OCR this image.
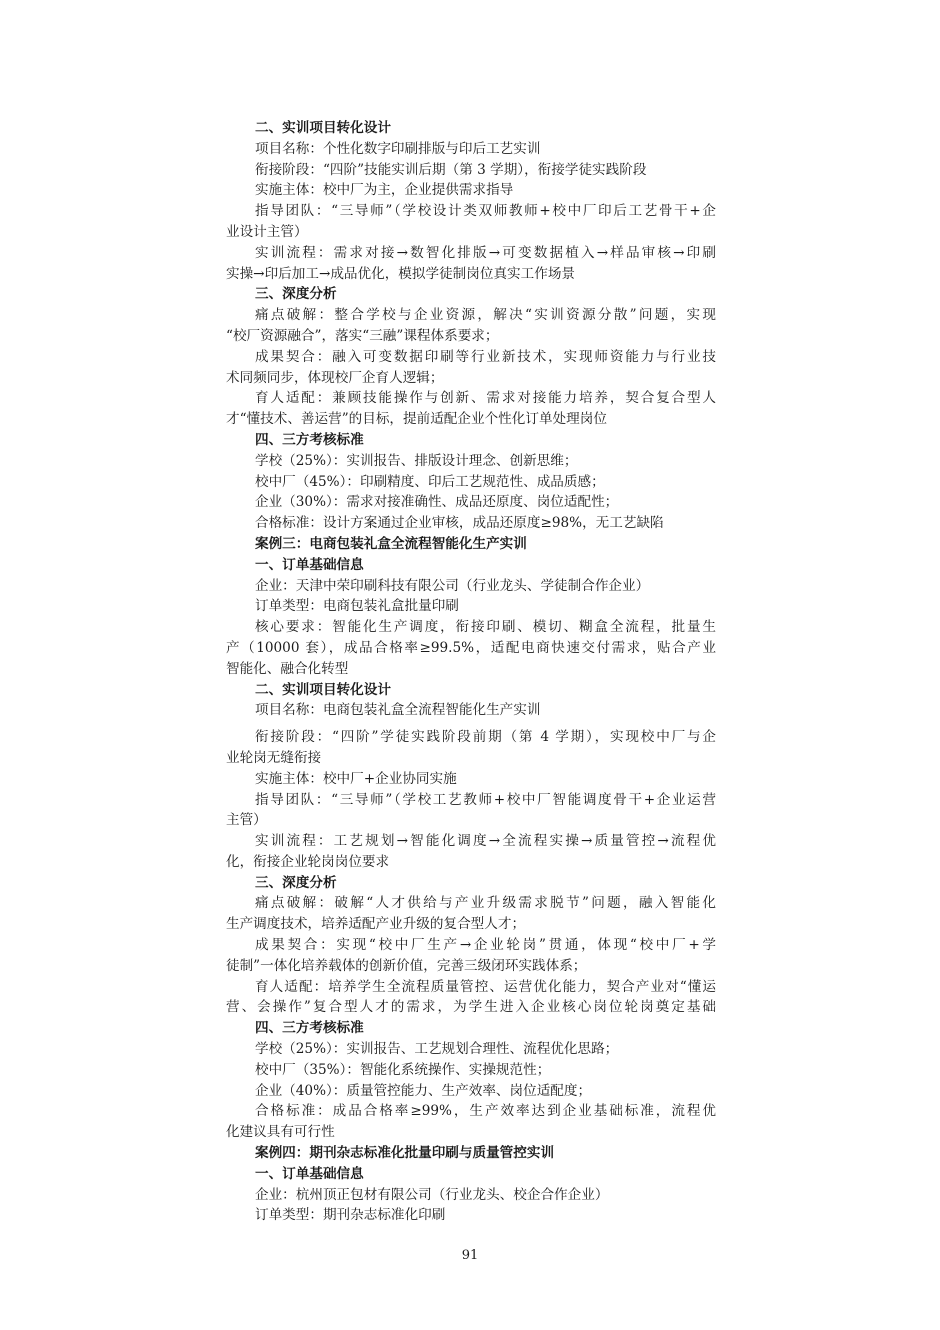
二、实训项目转化设计
项目名称：个性化数字印刷排版与印后工艺实训
衔接阶段：“四阶”技能实训后期（第 3 学期），衔接学徒实践阶段
实施主体：校中厂为主，企业提供需求指导
指导团队：“三导师”（学校设计类双师教师+校中厂印后工艺骨干+企
业设计主管）
实训流程：需求对接→数智化排版→可变数据植入→样品审核→印刷
实操→印后加工→成品优化，模拟学徒制岗位真实工作场景
三、深度分析
痛点破解：整合学校与企业资源，解决“实训资源分散”问题，实现
“校厂资源融合”，落实“三融”课程体系要求；
成果契合：融入可变数据印刷等行业新技术，实现师资能力与行业技
术同频同步，体现校厂企育人逻辑；
育人适配：兼顾技能操作与创新、需求对接能力培养，契合复合型人
才“懂技术、善运营”的目标，提前适配企业个性化订单处理岗位
四、三方考核标准
学校（25%）：实训报告、排版设计理念、创新思维；
校中厂（45%）：印刷精度、印后工艺规范性、成品质感；
企业（30%）：需求对接准确性、成品还原度、岗位适配性；
合格标准：设计方案通过企业审核，成品还原度≥98%，无工艺缺陷
案例三：电商包装礼盒全流程智能化生产实训
一、订单基础信息
企业：天津中荣印刷科技有限公司（行业龙头、学徒制合作企业）
订单类型：电商包装礼盒批量印刷
核心要求：智能化生产调度，衔接印刷、模切、糊盒全流程，批量生
产（10000 套），成品合格率≥99.5%，适配电商快速交付需求，贴合产业
智能化、融合化转型
二、实训项目转化设计
项目名称：电商包装礼盒全流程智能化生产实训
衔接阶段：“四阶”学徒实践阶段前期（第 4 学期），实现校中厂与企
业轮岗无缝衔接
实施主体：校中厂+企业协同实施
指导团队：“三导师”（学校工艺教师+校中厂智能调度骨干+企业运营
主管）
实训流程：工艺规划→智能化调度→全流程实操→质量管控→流程优
化，衔接企业轮岗岗位要求
三、深度分析
痛点破解：破解“人才供给与产业升级需求脱节”问题，融入智能化
生产调度技术，培养适配产业升级的复合型人才；
成果契合：实现“校中厂生产→企业轮岗”贯通，体现“校中厂+学
徒制”一体化培养载体的创新价值，完善三级闭环实践体系；
育人适配：培养学生全流程质量管控、运营优化能力，契合产业对“懂运
营、会操作”复合型人才的需求，为学生进入企业核心岗位轮岗奠定基础
四、三方考核标准
学校（25%）：实训报告、工艺规划合理性、流程优化思路；
校中厂（35%）：智能化系统操作、实操规范性；
企业（40%）：质量管控能力、生产效率、岗位适配度；
合格标准：成品合格率≥99%，生产效率达到企业基础标准，流程优
化建议具有可行性
案例四：期刊杂志标准化批量印刷与质量管控实训
一、订单基础信息
企业：杭州顶正包材有限公司（行业龙头、校企合作企业）
订单类型：期刊杂志标准化印刷
91
